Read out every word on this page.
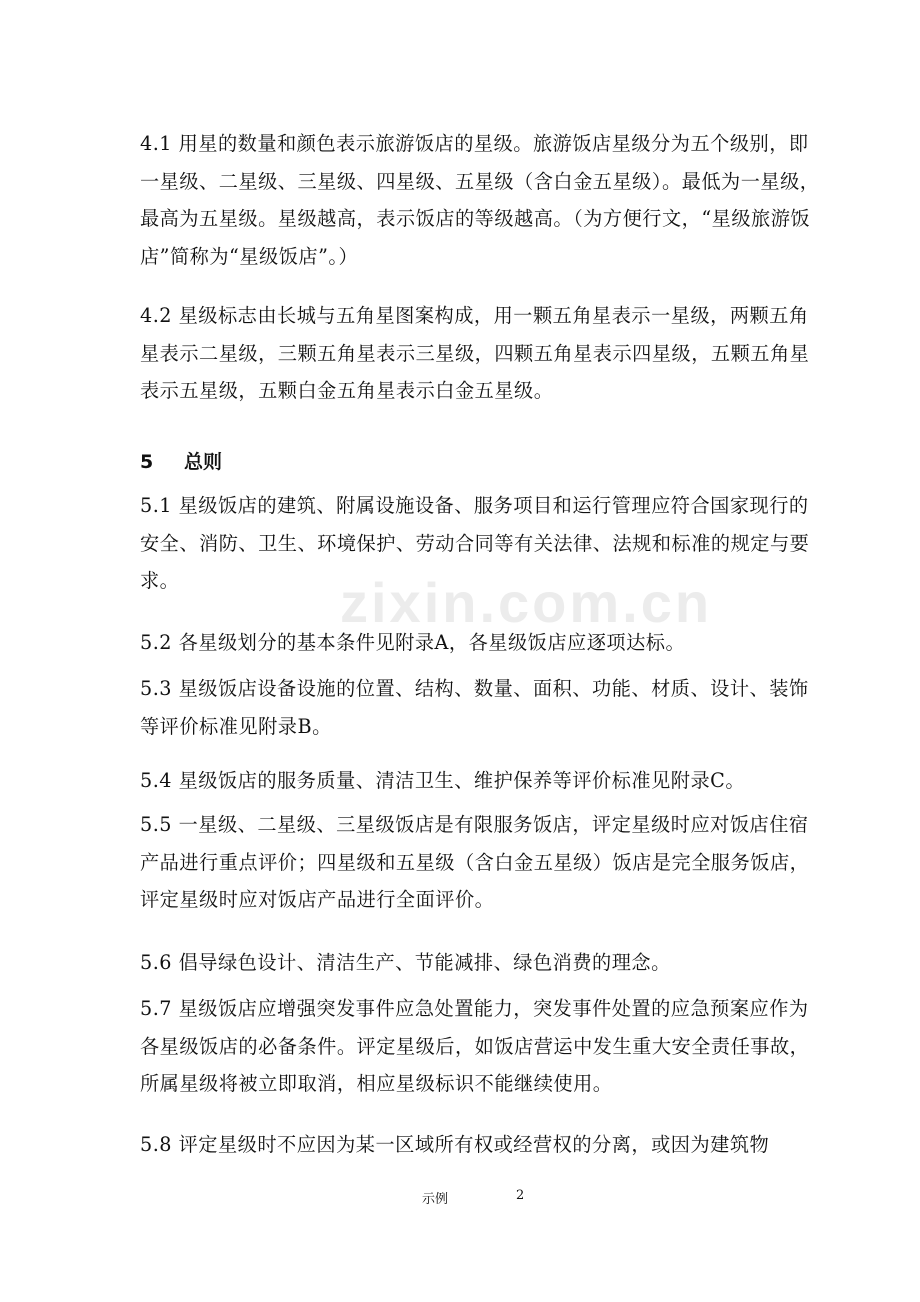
zixin.com.cn

4.1 用星的数量和颜色表示旅游饭店的星级。旅游饭店星级分为五个级别，即一星级、二星级、三星级、四星级、五星级（含白金五星级）。最低为一星级，最高为五星级。星级越高，表示饭店的等级越高。（为方便行文，“星级旅游饭店”简称为“星级饭店”。）

4.2 星级标志由长城与五角星图案构成，用一颗五角星表示一星级，两颗五角星表示二星级，三颗五角星表示三星级，四颗五角星表示四星级，五颗五角星表示五星级，五颗白金五角星表示白金五星级。

5 总则

5.1 星级饭店的建筑、附属设施设备、服务项目和运行管理应符合国家现行的安全、消防、卫生、环境保护、劳动合同等有关法律、法规和标准的规定与要求。

5.2 各星级划分的基本条件见附录A，各星级饭店应逐项达标。

5.3 星级饭店设备设施的位置、结构、数量、面积、功能、材质、设计、装饰等评价标准见附录B。

5.4 星级饭店的服务质量、清洁卫生、维护保养等评价标准见附录C。

5.5 一星级、二星级、三星级饭店是有限服务饭店，评定星级时应对饭店住宿产品进行重点评价；四星级和五星级（含白金五星级）饭店是完全服务饭店，评定星级时应对饭店产品进行全面评价。

5.6 倡导绿色设计、清洁生产、节能减排、绿色消费的理念。

5.7 星级饭店应增强突发事件应急处置能力，突发事件处置的应急预案应作为各星级饭店的必备条件。评定星级后，如饭店营运中发生重大安全责任事故，所属星级将被立即取消，相应星级标识不能继续使用。

5.8 评定星级时不应因为某一区域所有权或经营权的分离，或因为建筑物

示例	2
